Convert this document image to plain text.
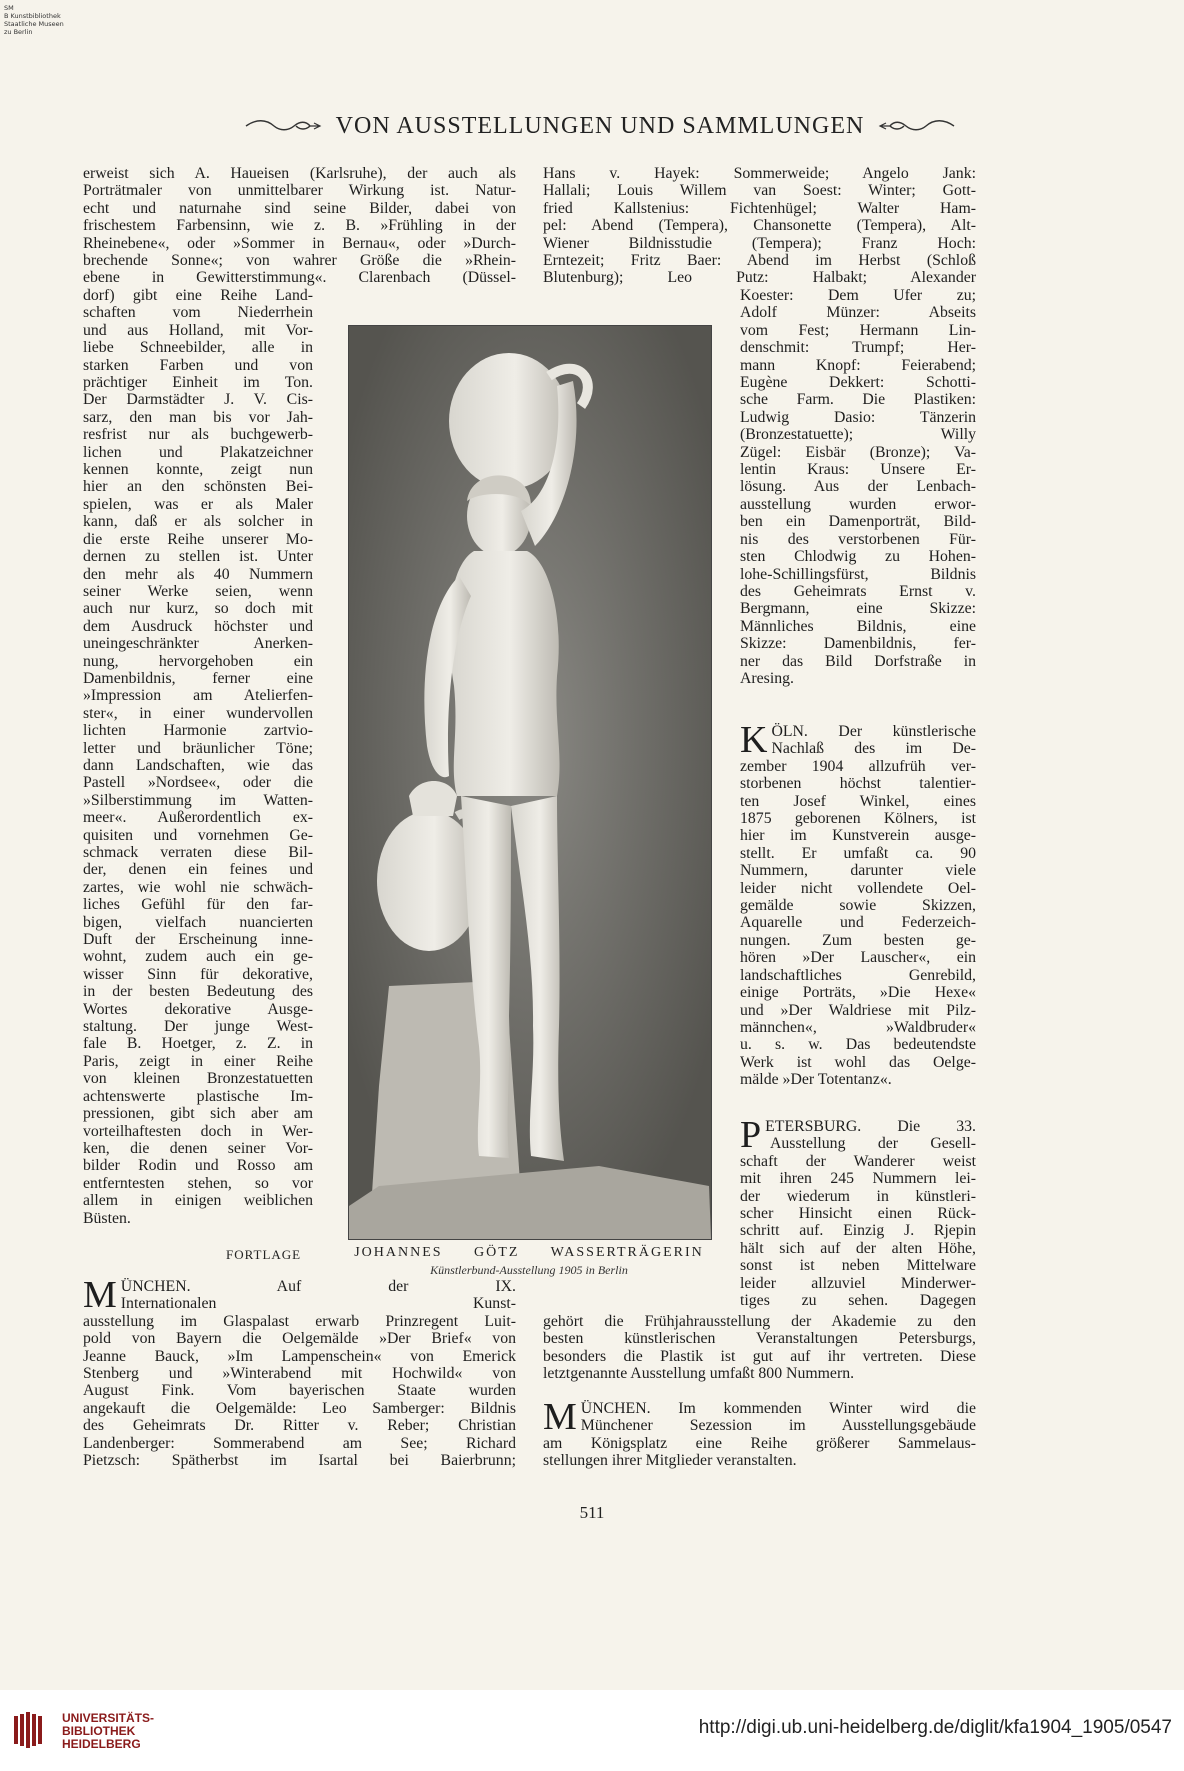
SM
B Kunstbibliothek
Staatliche Museen
zu Berlin
VON AUSSTELLUNGEN UND SAMMLUNGEN
erweist sich A. Haueisen (Karlsruhe), der auch als
Porträtmaler von unmittelbarer Wirkung ist. Natur-
echt und naturnahe sind seine Bilder, dabei von
frischestem Farbensinn, wie z. B. »Frühling in der
Rheinebene«, oder »Sommer in Bernau«, oder »Durch-
brechende Sonne«; von wahrer Größe die »Rhein-
ebene in Gewitterstimmung«. Clarenbach (Düssel-
dorf) gibt eine Reihe Land-
schaften vom Niederrhein
und aus Holland, mit Vor-
liebe Schneebilder, alle in
starken Farben und von
prächtiger Einheit im Ton.
Der Darmstädter J. V. Cis-
sarz, den man bis vor Jah-
resfrist nur als buchgewerb-
lichen und Plakatzeichner
kennen konnte, zeigt nun
hier an den schönsten Bei-
spielen, was er als Maler
kann, daß er als solcher in
die erste Reihe unserer Mo-
dernen zu stellen ist. Unter
den mehr als 40 Nummern
seiner Werke seien, wenn
auch nur kurz, so doch mit
dem Ausdruck höchster und
uneingeschränkter Anerken-
nung, hervorgehoben ein
Damenbildnis, ferner eine
»Impression am Atelierfen-
ster«, in einer wundervollen
lichten Harmonie zartvio-
letter und bräunlicher Töne;
dann Landschaften, wie das
Pastell »Nordsee«, oder die
»Silberstimmung im Watten-
meer«. Außerordentlich ex-
quisiten und vornehmen Ge-
schmack verraten diese Bil-
der, denen ein feines und
zartes, wie wohl nie schwäch-
liches Gefühl für den far-
bigen, vielfach nuancierten
Duft der Erscheinung inne-
wohnt, zudem auch ein ge-
wisser Sinn für dekorative,
in der besten Bedeutung des
Wortes dekorative Ausge-
staltung. Der junge West-
fale B. Hoetger, z. Z. in
Paris, zeigt in einer Reihe
von kleinen Bronzestatuetten
achtenswerte plastische Im-
pressionen, gibt sich aber am
vorteilhaftesten doch in Wer-
ken, die denen seiner Vor-
bilder Rodin und Rosso am
entferntesten stehen, so vor
allem in einigen weiblichen
Büsten.
FORTLAGE
Hans v. Hayek: Sommerweide; Angelo Jank:
Hallali; Louis Willem van Soest: Winter; Gott-
fried Kallstenius: Fichtenhügel; Walter Ham-
pel: Abend (Tempera), Chansonette (Tempera), Alt-
Wiener Bildnisstudie (Tempera); Franz Hoch:
Erntezeit; Fritz Baer: Abend im Herbst (Schloß
Blutenburg); Leo Putz: Halbakt; Alexander
Koester: Dem Ufer zu;
Adolf Münzer: Abseits
vom Fest; Hermann Lin-
denschmit: Trumpf; Her-
mann Knopf: Feierabend;
Eugène Dekkert: Schotti-
sche Farm. Die Plastiken:
Ludwig Dasio: Tänzerin
(Bronzestatuette); Willy
Zügel: Eisbär (Bronze); Va-
lentin Kraus: Unsere Er-
lösung. Aus der Lenbach-
ausstellung wurden erwor-
ben ein Damenporträt, Bild-
nis des verstorbenen Für-
sten Chlodwig zu Hohen-
lohe-Schillingsfürst, Bildnis
des Geheimrats Ernst v.
Bergmann, eine Skizze:
Männliches Bildnis, eine
Skizze: Damenbildnis, fer-
ner das Bild Dorfstraße in
Aresing.
K ÖLN. Der künstlerische
Nachlaß des im De-
zember 1904 allzufrüh ver-
storbenen höchst talentier-
ten Josef Winkel, eines
1875 geborenen Kölners, ist
hier im Kunstverein ausge-
stellt. Er umfaßt ca. 90
Nummern, darunter viele
leider nicht vollendete Oel-
gemälde sowie Skizzen,
Aquarelle und Federzeich-
nungen. Zum besten ge-
hören »Der Lauscher«, ein
landschaftliches Genrebild,
einige Porträts, »Die Hexe«
und »Der Waldriese mit Pilz-
männchen«, »Waldbruder«
u. s. w. Das bedeutendste
Werk ist wohl das Oelge-
mälde »Der Totentanz«.
P ETERSBURG. Die 33.
Ausstellung der Gesell-
schaft der Wanderer weist
mit ihren 245 Nummern lei-
der wiederum in künstleri-
scher Hinsicht einen Rück-
schritt auf. Einzig J. Rjepin
hält sich auf der alten Höhe,
sonst ist neben Mittelware
leider allzuviel Minderwer-
tiges zu sehen. Dagegen
gehört die Frühjahrausstellung der Akademie zu den
besten künstlerischen Veranstaltungen Petersburgs,
besonders die Plastik ist gut auf ihr vertreten. Diese
letztgenannte Ausstellung umfaßt 800 Nummern.
M ÜNCHEN. Auf der IX.
Internationalen Kunst-
ausstellung im Glaspalast erwarb Prinzregent Luit-
pold von Bayern die Oelgemälde »Der Brief« von
Jeanne Bauck, »Im Lampenschein« von Emerick
Stenberg und »Winterabend mit Hochwild« von
August Fink. Vom bayerischen Staate wurden
angekauft die Oelgemälde: Leo Samberger: Bildnis
des Geheimrats Dr. Ritter v. Reber; Christian
Landenberger: Sommerabend am See; Richard
Pietzsch: Spätherbst im Isartal bei Baierbrunn;
M ÜNCHEN. Im kommenden Winter wird die
Münchener Sezession im Ausstellungsgebäude
am Königsplatz eine Reihe größerer Sammelaus-
stellungen ihrer Mitglieder veranstalten.
JOHANNES GÖTZ WASSERTRÄGERIN
Künstlerbund-Ausstellung 1905 in Berlin
511
UNIVERSITÄTS-
BIBLIOTHEK
HEIDELBERG
http://digi.ub.uni-heidelberg.de/diglit/kfa1904_1905/0547
